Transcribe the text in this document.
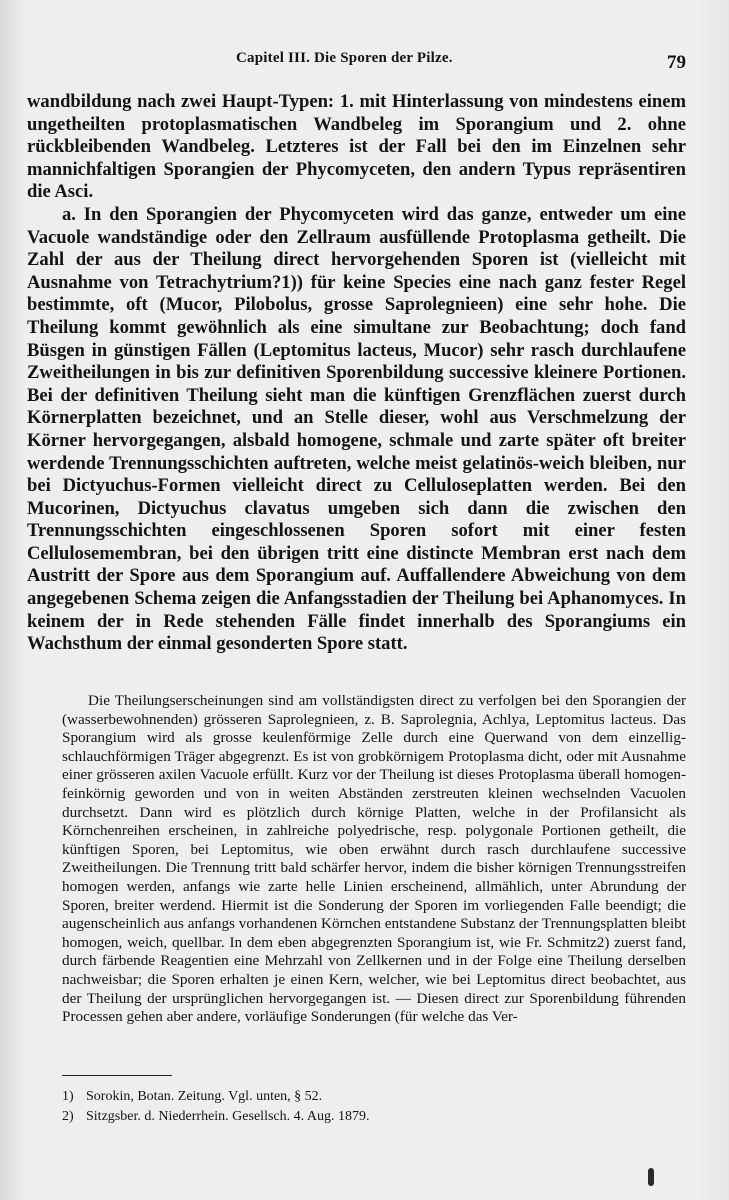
Capitel III. Die Sporen der Pilze.	79

wandbildung nach zwei Haupt-Typen: 1. mit Hinterlassung von mindestens einem ungetheilten protoplasmatischen Wandbeleg im Sporangium und 2. ohne rückbleibenden Wandbeleg. Letzteres ist der Fall bei den im Einzelnen sehr mannichfaltigen Sporangien der Phycomyceten, den andern Typus repräsentiren die Asci.

a. In den Sporangien der Phycomyceten wird das ganze, entweder um eine Vacuole wandständige oder den Zellraum ausfüllende Protoplasma getheilt. Die Zahl der aus der Theilung direct hervorgehenden Sporen ist (vielleicht mit Ausnahme von Tetrachytrium?1)) für keine Species eine nach ganz fester Regel bestimmte, oft (Mucor, Pilobolus, grosse Saprolegnieen) eine sehr hohe. Die Theilung kommt gewöhnlich als eine simultane zur Beobachtung; doch fand Büsgen in günstigen Fällen (Leptomitus lacteus, Mucor) sehr rasch durchlaufene Zweitheilungen in bis zur definitiven Sporenbildung successive kleinere Portionen. Bei der definitiven Theilung sieht man die künftigen Grenzflächen zuerst durch Körnerplatten bezeichnet, und an Stelle dieser, wohl aus Verschmelzung der Körner hervorgegangen, alsbald homogene, schmale und zarte später oft breiter werdende Trennungsschichten auftreten, welche meist gelatinös-weich bleiben, nur bei Dictyuchus-Formen vielleicht direct zu Celluloseplatten werden. Bei den Mucorinen, Dictyuchus clavatus umgeben sich dann die zwischen den Trennungsschichten eingeschlossenen Sporen sofort mit einer festen Cellulosemembran, bei den übrigen tritt eine distincte Membran erst nach dem Austritt der Spore aus dem Sporangium auf. Auffallendere Abweichung von dem angegebenen Schema zeigen die Anfangsstadien der Theilung bei Aphanomyces. In keinem der in Rede stehenden Fälle findet innerhalb des Sporangiums ein Wachsthum der einmal gesonderten Spore statt.

Die Theilungserscheinungen sind am vollständigsten direct zu verfolgen bei den Sporangien der (wasserbewohnenden) grösseren Saprolegnieen, z. B. Saprolegnia, Achlya, Leptomitus lacteus. Das Sporangium wird als grosse keulenförmige Zelle durch eine Querwand von dem einzellig-schlauchförmigen Träger abgegrenzt. Es ist von grobkörnigem Protoplasma dicht, oder mit Ausnahme einer grösseren axilen Vacuole erfüllt. Kurz vor der Theilung ist dieses Protoplasma überall homogen-feinkörnig geworden und von in weiten Abständen zerstreuten kleinen wechselnden Vacuolen durchsetzt. Dann wird es plötzlich durch körnige Platten, welche in der Profilansicht als Körnchenreihen erscheinen, in zahlreiche polyedrische, resp. polygonale Portionen getheilt, die künftigen Sporen, bei Leptomitus, wie oben erwähnt durch rasch durchlaufene successive Zweitheilungen. Die Trennung tritt bald schärfer hervor, indem die bisher körnigen Trennungsstreifen homogen werden, anfangs wie zarte helle Linien erscheinend, allmählich, unter Abrundung der Sporen, breiter werdend. Hiermit ist die Sonderung der Sporen im vorliegenden Falle beendigt; die augenscheinlich aus anfangs vorhandenen Körnchen entstandene Substanz der Trennungsplatten bleibt homogen, weich, quellbar. In dem eben abgegrenzten Sporangium ist, wie Fr. Schmitz2) zuerst fand, durch färbende Reagentien eine Mehrzahl von Zellkernen und in der Folge eine Theilung derselben nachweisbar; die Sporen erhalten je einen Kern, welcher, wie bei Leptomitus direct beobachtet, aus der Theilung der ursprünglichen hervorgegangen ist. — Diesen direct zur Sporenbildung führenden Processen gehen aber andere, vorläufige Sonderungen (für welche das Ver-

1) Sorokin, Botan. Zeitung. Vgl. unten, § 52.
2) Sitzgsber. d. Niederrhein. Gesellsch. 4. Aug. 1879.
